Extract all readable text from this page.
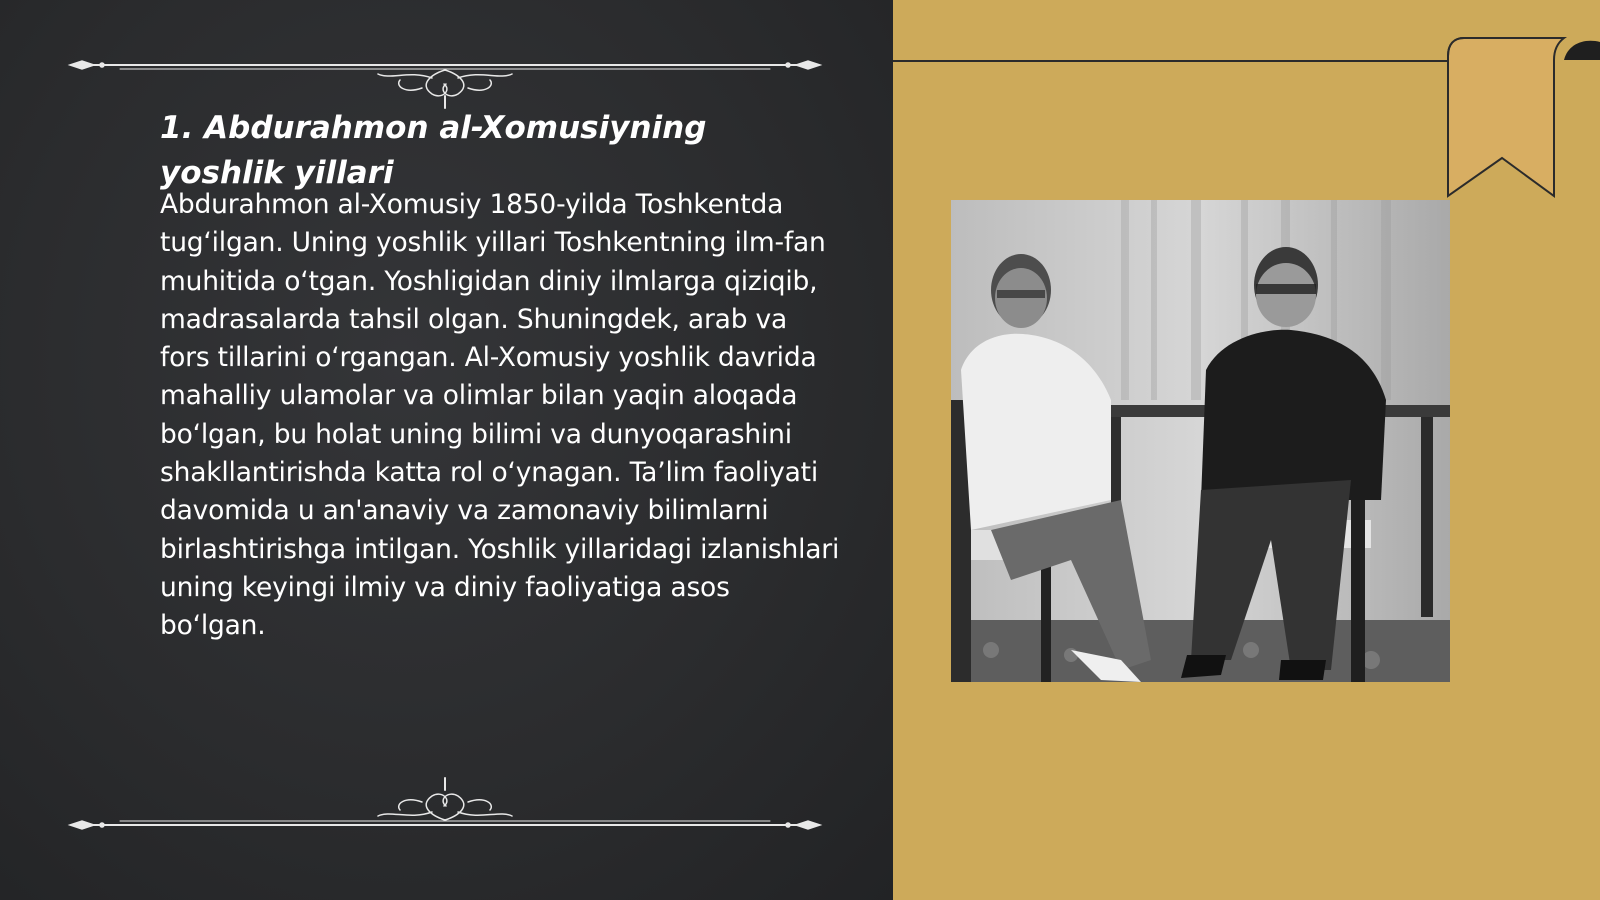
1. Abdurahmon al-Xomusiyning yoshlik yillari

Abdurahmon al-Xomusiy 1850-yilda Toshkentda tug‘ilgan. Uning yoshlik yillari Toshkentning ilm-fan muhitida o‘tgan. Yoshligidan diniy ilmlarga qiziqib, madrasalarda tahsil olgan. Shuningdek, arab va fors tillarini o‘rgangan. Al-Xomusiy yoshlik davrida mahalliy ulamolar va olimlar bilan yaqin aloqada bo‘lgan, bu holat uning bilimi va dunyoqarashini shakllantirishda katta rol o‘ynagan. Ta’lim faoliyati davomida u an'anaviy va zamonaviy bilimlarni birlashtirishga intilgan. Yoshlik yillaridagi izlanishlari uning keyingi ilmiy va diniy faoliyatiga asos bo‘lgan.
